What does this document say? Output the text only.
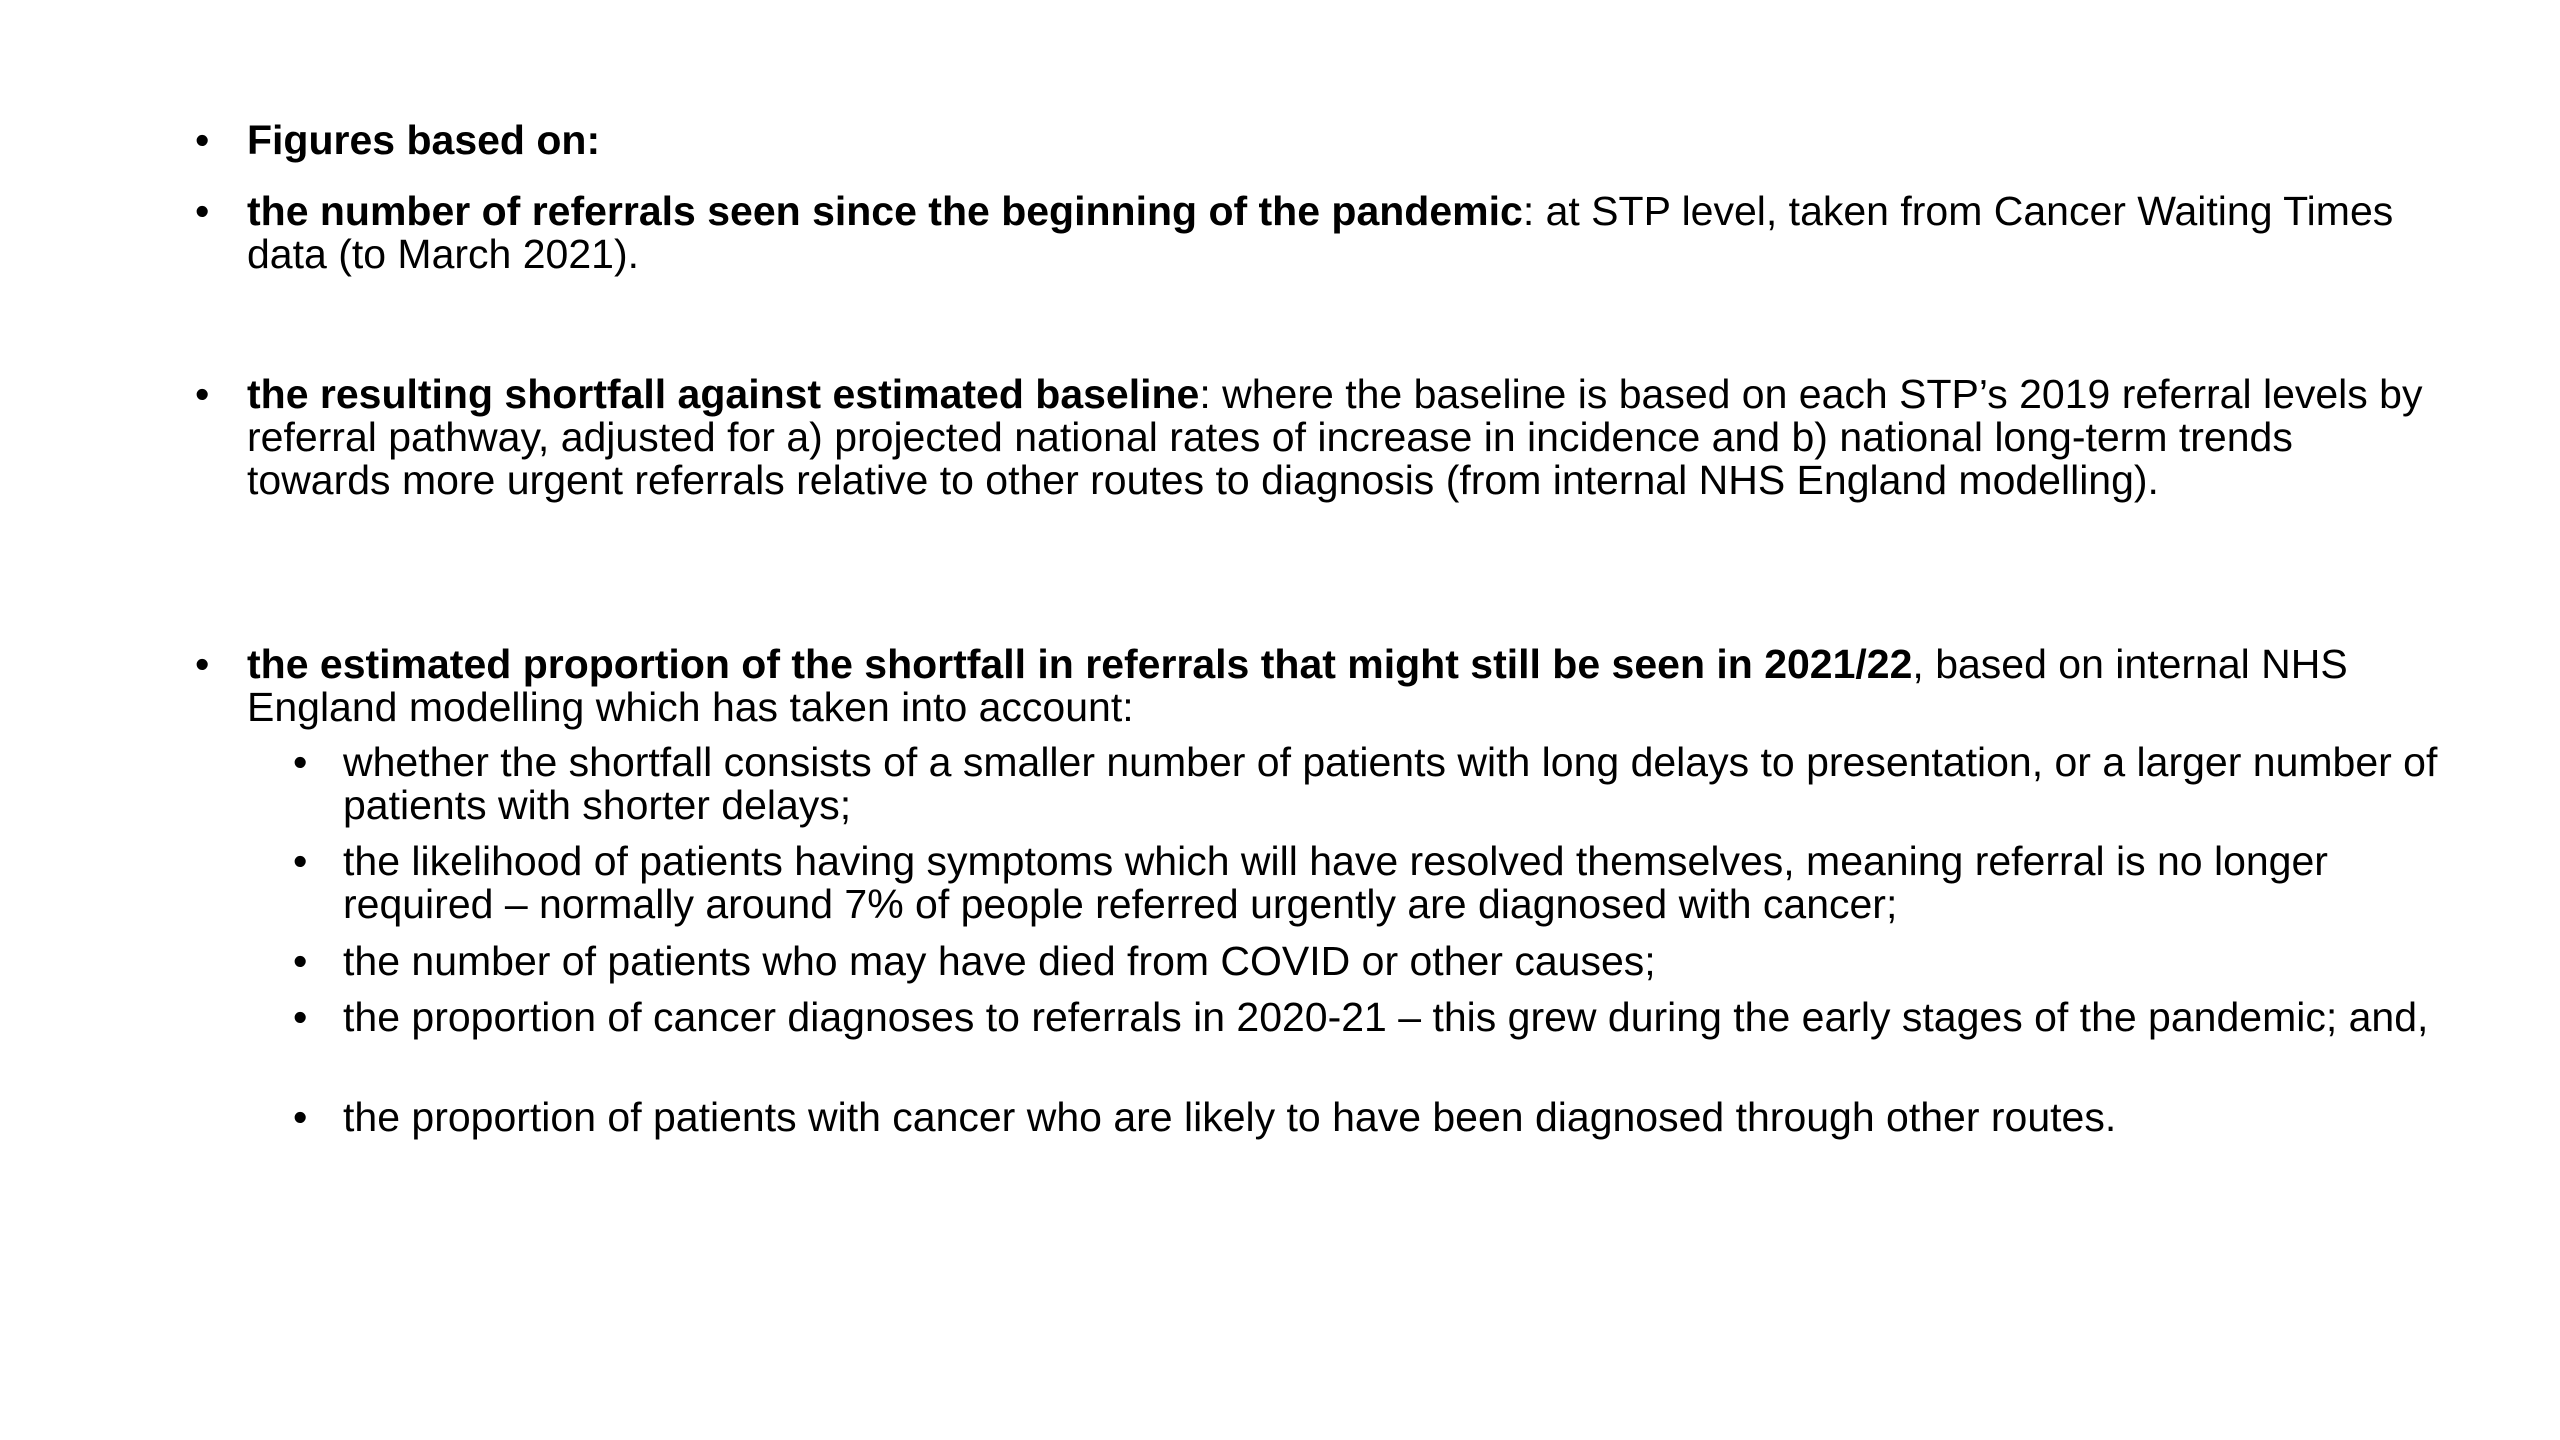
• Figures based on:
• the number of referrals seen since the beginning of the pandemic: at STP level, taken from Cancer Waiting Times data (to March 2021).
• the resulting shortfall against estimated baseline: where the baseline is based on each STP’s 2019 referral levels by referral pathway, adjusted for a) projected national rates of increase in incidence and b) national long-term trends towards more urgent referrals relative to other routes to diagnosis (from internal NHS England modelling).
• the estimated proportion of the shortfall in referrals that might still be seen in 2021/22, based on internal NHS England modelling which has taken into account:
• whether the shortfall consists of a smaller number of patients with long delays to presentation, or a larger number of patients with shorter delays;
• the likelihood of patients having symptoms which will have resolved themselves, meaning referral is no longer required – normally around 7% of people referred urgently are diagnosed with cancer;
• the number of patients who may have died from COVID or other causes;
• the proportion of cancer diagnoses to referrals in 2020-21 – this grew during the early stages of the pandemic; and,
• the proportion of patients with cancer who are likely to have been diagnosed through other routes.
